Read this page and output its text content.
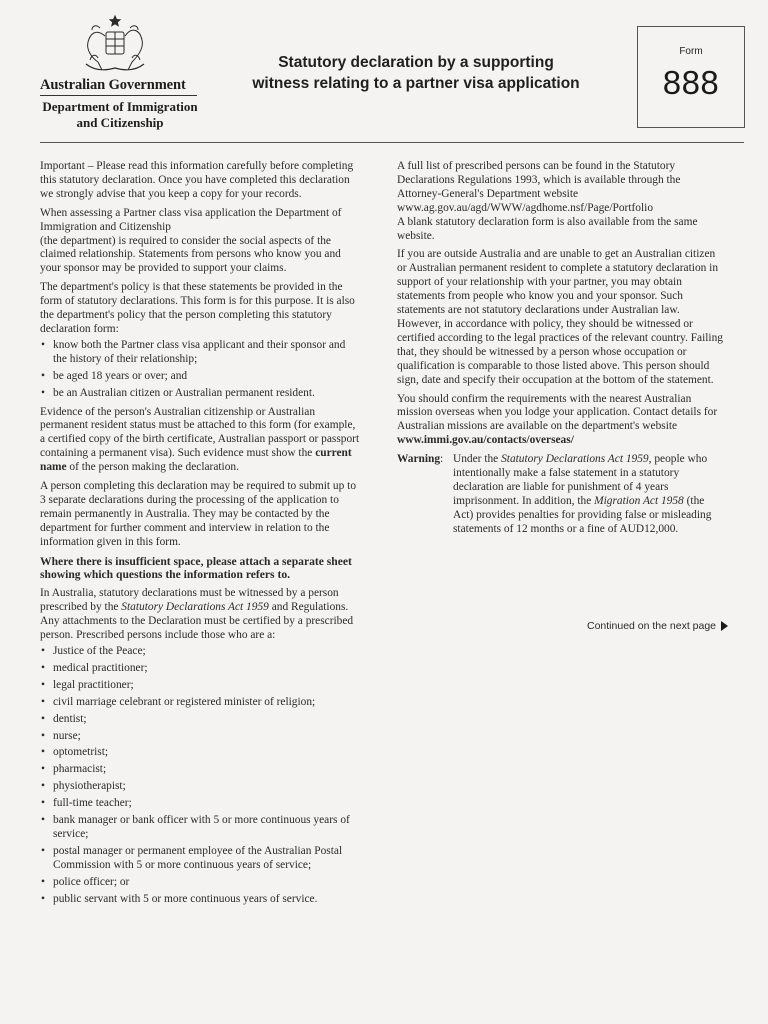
Australian Government
Department of Immigration
and Citizenship
Statutory declaration by a supporting
witness relating to a partner visa application
Form
888

Important – Please read this information carefully before completing this statutory declaration. Once you have completed this declaration we strongly advise that you keep a copy for your records.

When assessing a Partner class visa application the Department of Immigration and Citizenship
(the department) is required to consider the social aspects of the claimed relationship. Statements from persons who know you and your sponsor may be provided to support your claims.

The department's policy is that these statements be provided in the form of statutory declarations. This form is for this purpose. It is also the department's policy that the person completing this statutory declaration form:

• know both the Partner class visa applicant and their sponsor and the history of their relationship;
• be aged 18 years or over; and
• be an Australian citizen or Australian permanent resident.

Evidence of the person's Australian citizenship or Australian permanent resident status must be attached to this form (for example, a certified copy of the birth certificate, Australian passport or passport containing a permanent visa). Such evidence must show the current name of the person making the declaration.

A person completing this declaration may be required to submit up to 3 separate declarations during the processing of the application to remain permanently in Australia. They may be contacted by the department for further comment and interview in relation to the information given in this form.

Where there is insufficient space, please attach a separate sheet showing which questions the information refers to.

In Australia, statutory declarations must be witnessed by a person prescribed by the Statutory Declarations Act 1959 and Regulations. Any attachments to the Declaration must be certified by a prescribed person. Prescribed persons include those who are a:

• Justice of the Peace;
• medical practitioner;
• legal practitioner;
• civil marriage celebrant or registered minister of religion;
• dentist;
• nurse;
• optometrist;
• pharmacist;
• physiotherapist;
• full-time teacher;
• bank manager or bank officer with 5 or more continuous years of service;
• postal manager or permanent employee of the Australian Postal Commission with 5 or more continuous years of service;
• police officer; or
• public servant with 5 or more continuous years of service.

A full list of prescribed persons can be found in the Statutory Declarations Regulations 1993, which is available through the Attorney-General's Department website
www.ag.gov.au/agd/WWW/agdhome.nsf/Page/Portfolio
A blank statutory declaration form is also available from the same website.

If you are outside Australia and are unable to get an Australian citizen or Australian permanent resident to complete a statutory declaration in support of your relationship with your partner, you may obtain statements from people who know you and your sponsor. Such statements are not statutory declarations under Australian law. However, in accordance with policy, they should be witnessed or certified according to the legal practices of the relevant country. Failing that, they should be witnessed by a person whose occupation or qualification is comparable to those listed above. This person should sign, date and specify their occupation at the bottom of the statement.

You should confirm the requirements with the nearest Australian mission overseas when you lodge your application. Contact details for Australian missions are available on the department's website
www.immi.gov.au/contacts/overseas/

Warning: Under the Statutory Declarations Act 1959, people who intentionally make a false statement in a statutory declaration are liable for punishment of 4 years imprisonment. In addition, the Migration Act 1958 (the Act) provides penalties for providing false or misleading statements of 12 months or a fine of AUD12,000.
Continued on the next page
